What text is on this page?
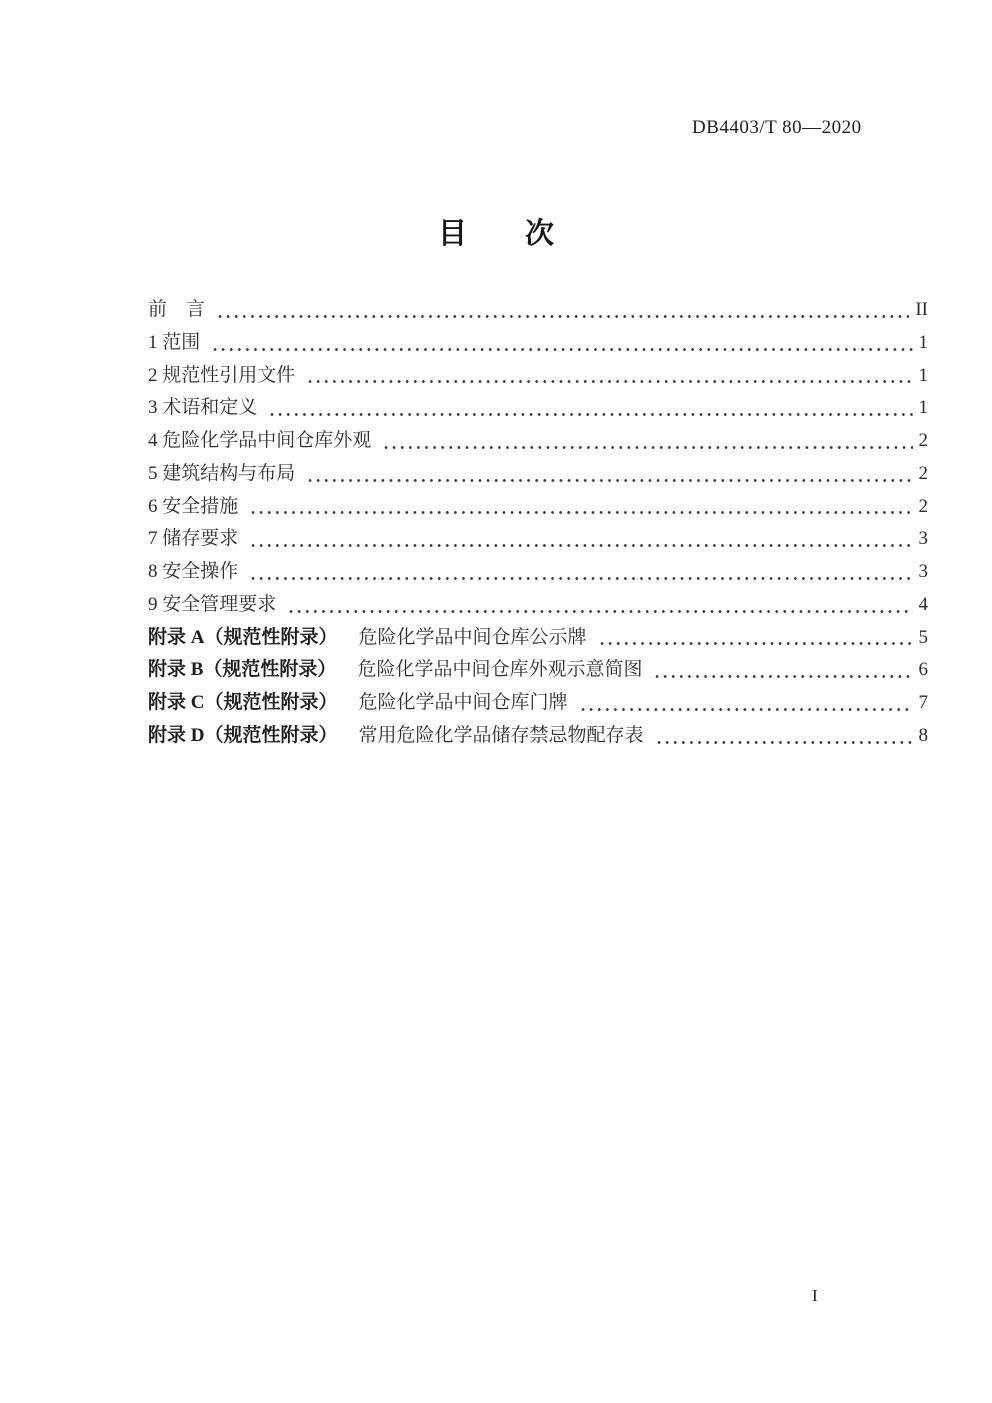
DB4403/T 80—2020
目　　次
前　言	II
1 范围	1
2 规范性引用文件	1
3 术语和定义	1
4 危险化学品中间仓库外观	2
5 建筑结构与布局	2
6 安全措施	2
7 储存要求	3
8 安全操作	3
9 安全管理要求	4
附录 A（规范性附录） 危险化学品中间仓库公示牌	5
附录 B（规范性附录） 危险化学品中间仓库外观示意简图	6
附录 C（规范性附录） 危险化学品中间仓库门牌	7
附录 D（规范性附录） 常用危险化学品储存禁忌物配存表	8
I
